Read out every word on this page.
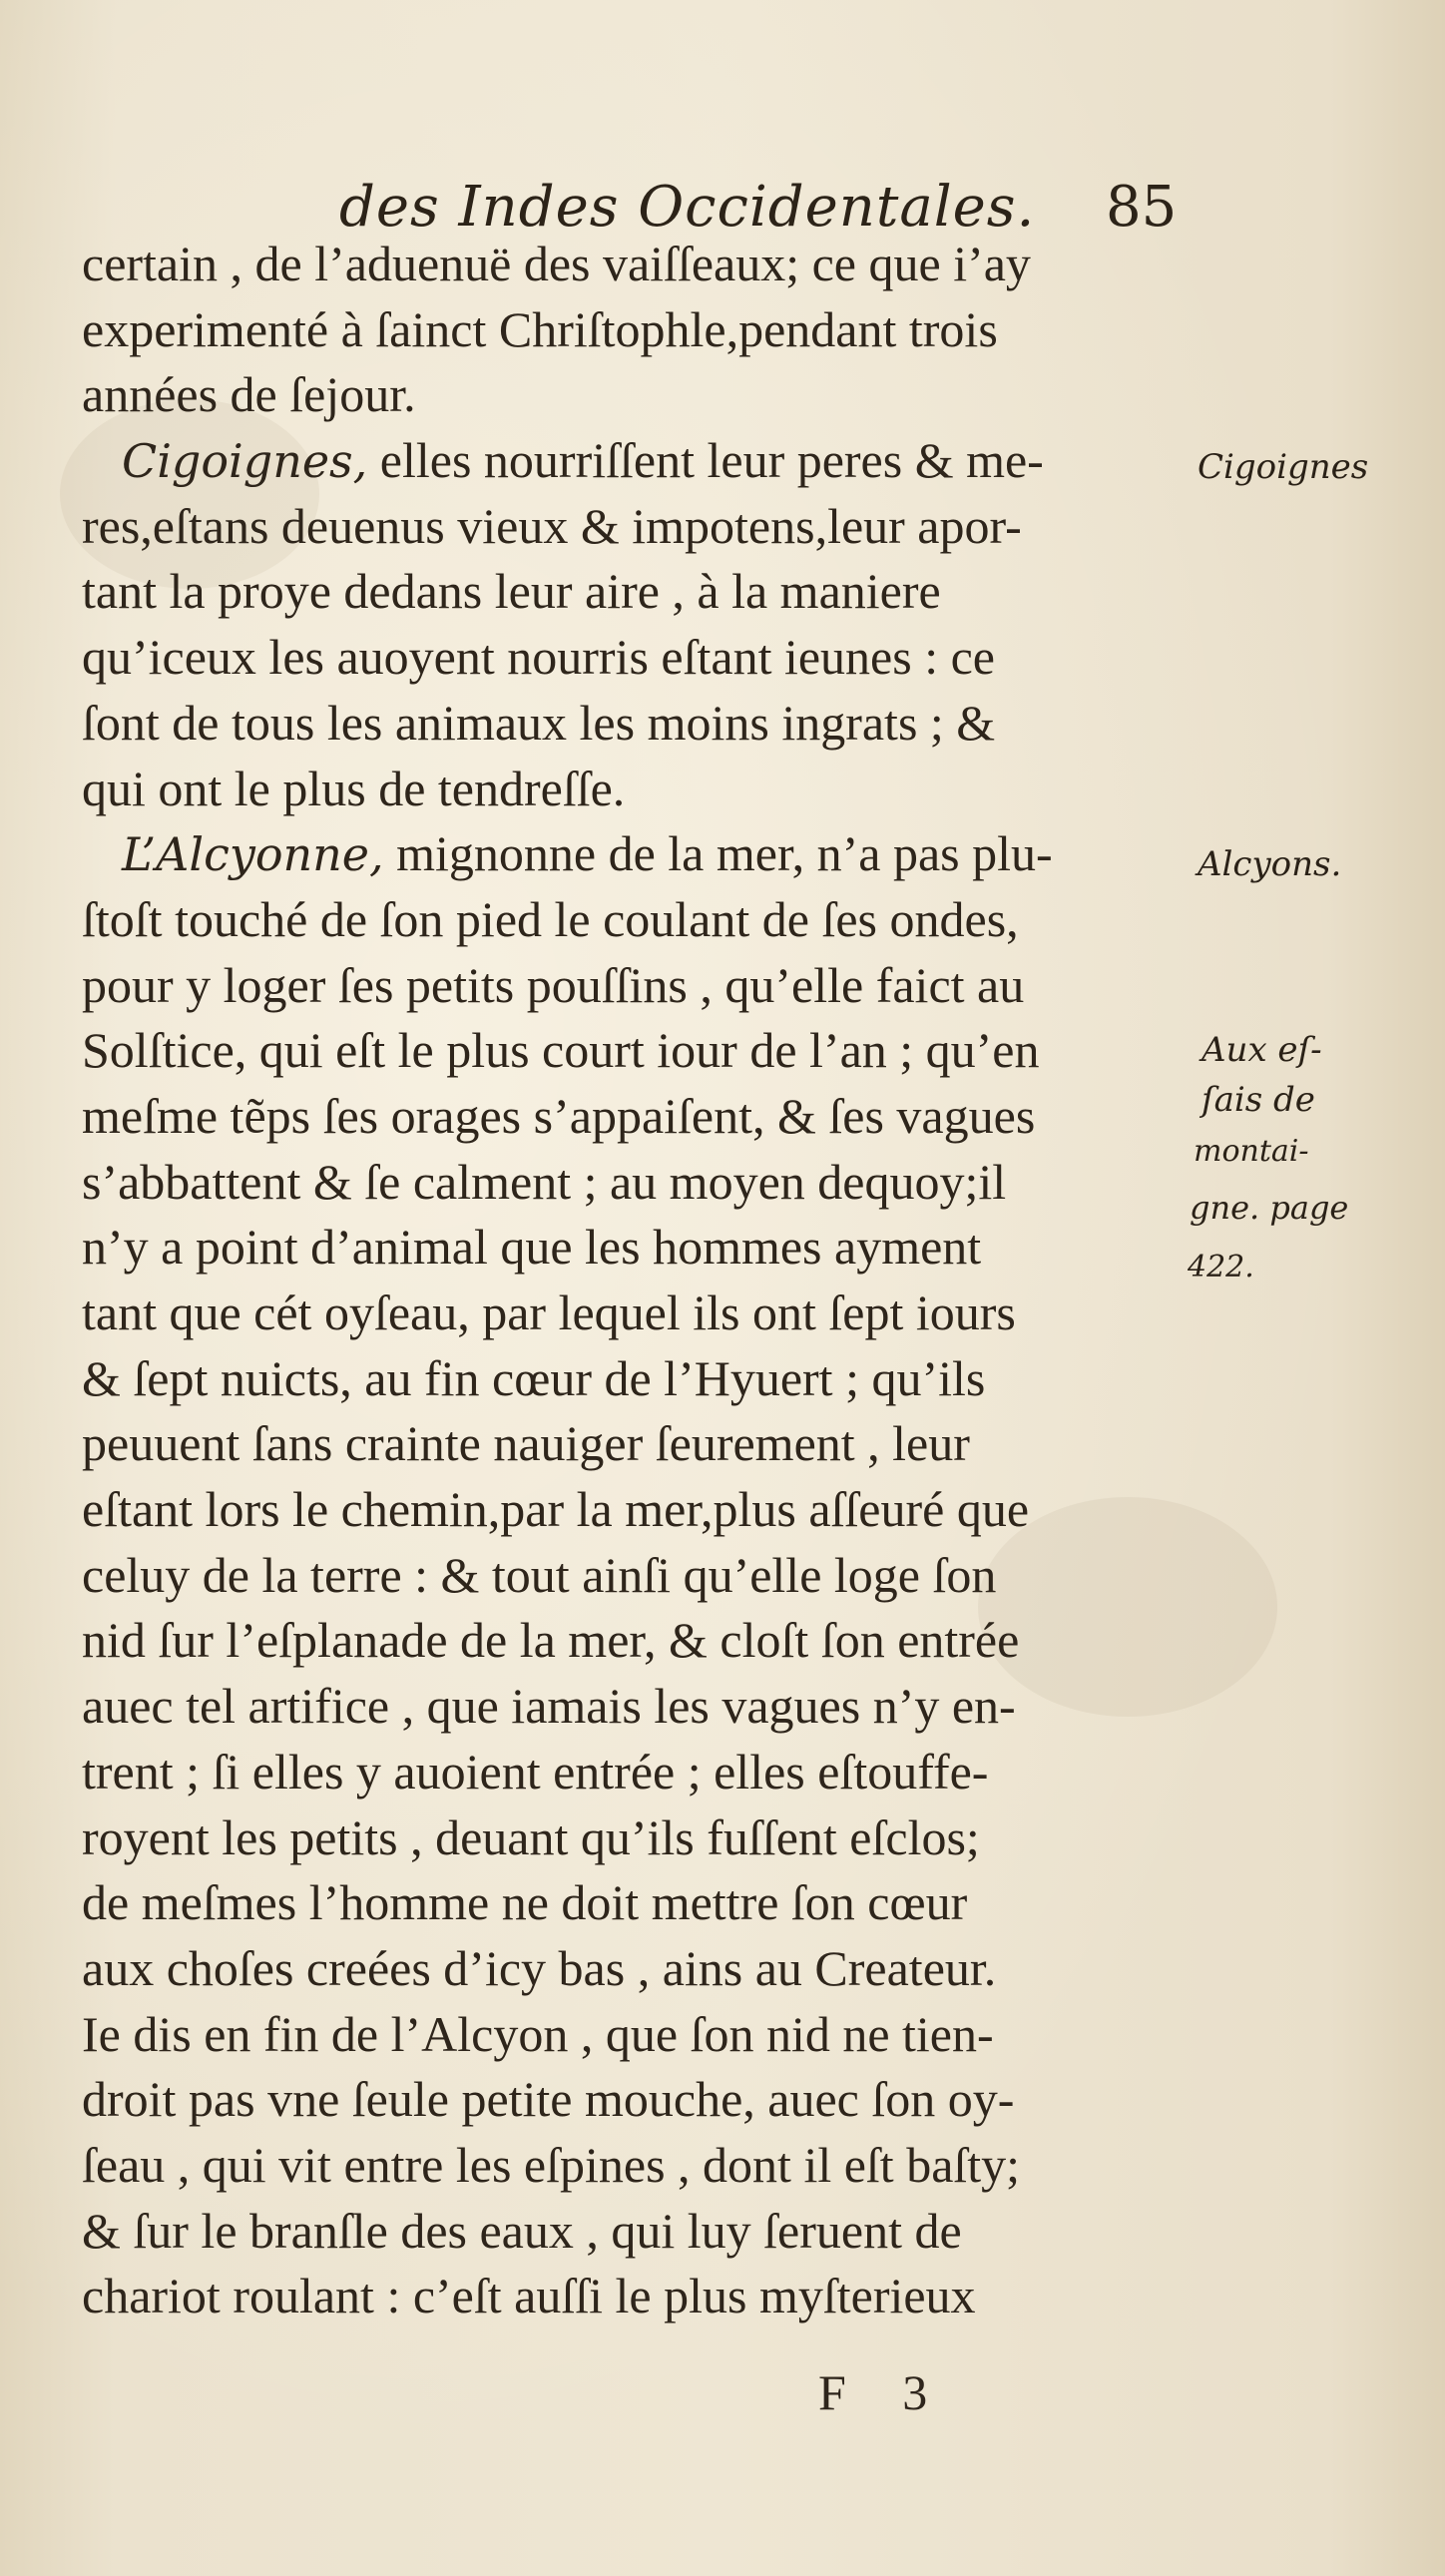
des Indes Occidentales. 85
certain , de l’aduenuë des vaiſſeaux; ce que i’ay
experimenté à ſainct Chriſtophle,pendant trois
années de ſejour.
Cigoignes, elles nourriſſent leur peres & me-
res,eſtans deuenus vieux & impotens,leur apor-
tant la proye dedans leur aire , à la maniere
qu’iceux les auoyent nourris eſtant ieunes : ce
ſont de tous les animaux les moins ingrats ; &
qui ont le plus de tendreſſe.
L’Alcyonne, mignonne de la mer, n’a pas plu-
ſtoſt touché de ſon pied le coulant de ſes ondes,
pour y loger ſes petits pouſſins , qu’elle faict au
Solſtice, qui eſt le plus court iour de l’an ; qu’en
meſme tẽps ſes orages s’appaiſent, & ſes vagues
s’abbattent & ſe calment ; au moyen dequoy;il
n’y a point d’animal que les hommes ayment
tant que cét oyſeau, par lequel ils ont ſept iours
& ſept nuicts, au fin cœur de l’Hyuert ; qu’ils
peuuent ſans crainte nauiger ſeurement , leur
eſtant lors le chemin,par la mer,plus aſſeuré que
celuy de la terre : & tout ainſi qu’elle loge ſon
nid ſur l’eſplanade de la mer, & cloſt ſon entrée
auec tel artifice , que iamais les vagues n’y en-
trent ; ſi elles y auoient entrée ; elles eſtouffe-
royent les petits , deuant qu’ils fuſſent eſclos;
de meſmes l’homme ne doit mettre ſon cœur
aux choſes creées d’icy bas , ains au Createur.
Ie dis en fin de l’Alcyon , que ſon nid ne tien-
droit pas vne ſeule petite mouche, auec ſon oy-
ſeau , qui vit entre les eſpines , dont il eſt baſty;
& ſur le branſle des eaux , qui luy ſeruent de
chariot roulant : c’eſt auſſi le plus myſterieux
Cigoignes
Alcyons.
Aux eſ-
ſais de
montai-
gne. page
422.
F 3
